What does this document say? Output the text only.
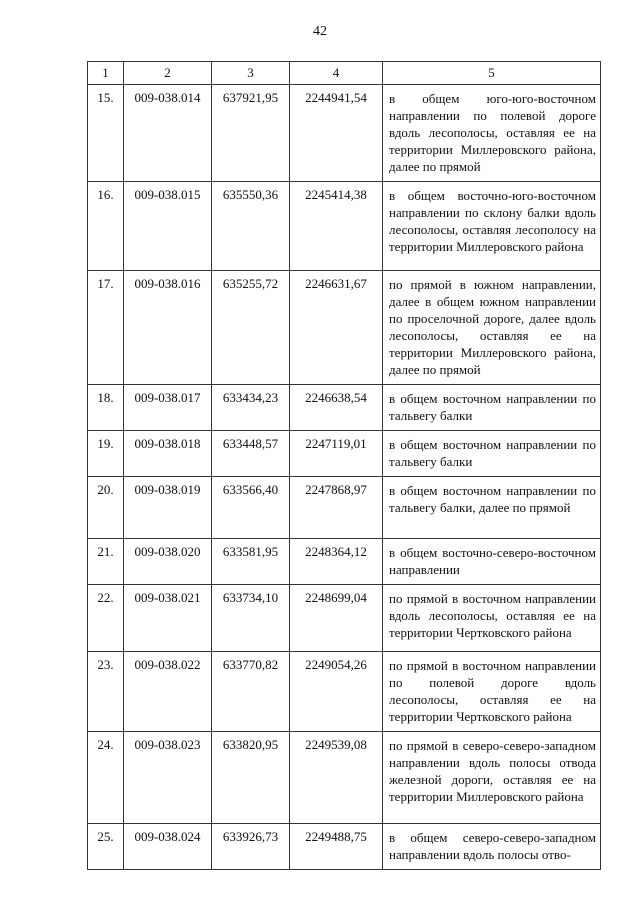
42
1	2	3	4	5
15.	009-038.014	637921,95	2244941,54	в общем юго-юго-восточном направлении по полевой дороге вдоль лесополосы, оставляя ее на территории Миллеровского района, далее по прямой
16.	009-038.015	635550,36	2245414,38	в общем восточно-юго-восточном направлении по склону балки вдоль лесополосы, оставляя лесополосу на территории Миллеровского района
17.	009-038.016	635255,72	2246631,67	по прямой в южном направлении, далее в общем южном направлении по проселочной дороге, далее вдоль лесополосы, оставляя ее на территории Миллеровского района, далее по прямой
18.	009-038.017	633434,23	2246638,54	в общем восточном направлении по тальвегу балки
19.	009-038.018	633448,57	2247119,01	в общем восточном направлении по тальвегу балки
20.	009-038.019	633566,40	2247868,97	в общем восточном направлении по тальвегу балки, далее по прямой
21.	009-038.020	633581,95	2248364,12	в общем восточно-северо-восточном направлении
22.	009-038.021	633734,10	2248699,04	по прямой в восточном направлении вдоль лесополосы, оставляя ее на территории Чертковского района
23.	009-038.022	633770,82	2249054,26	по прямой в восточном направлении по полевой дороге вдоль лесополосы, оставляя ее на территории Чертковского района
24.	009-038.023	633820,95	2249539,08	по прямой в северо-северо-западном направлении вдоль полосы отвода железной дороги, оставляя ее на территории Миллеровского района
25.	009-038.024	633926,73	2249488,75	в общем северо-северо-западном направлении вдоль полосы отво-
